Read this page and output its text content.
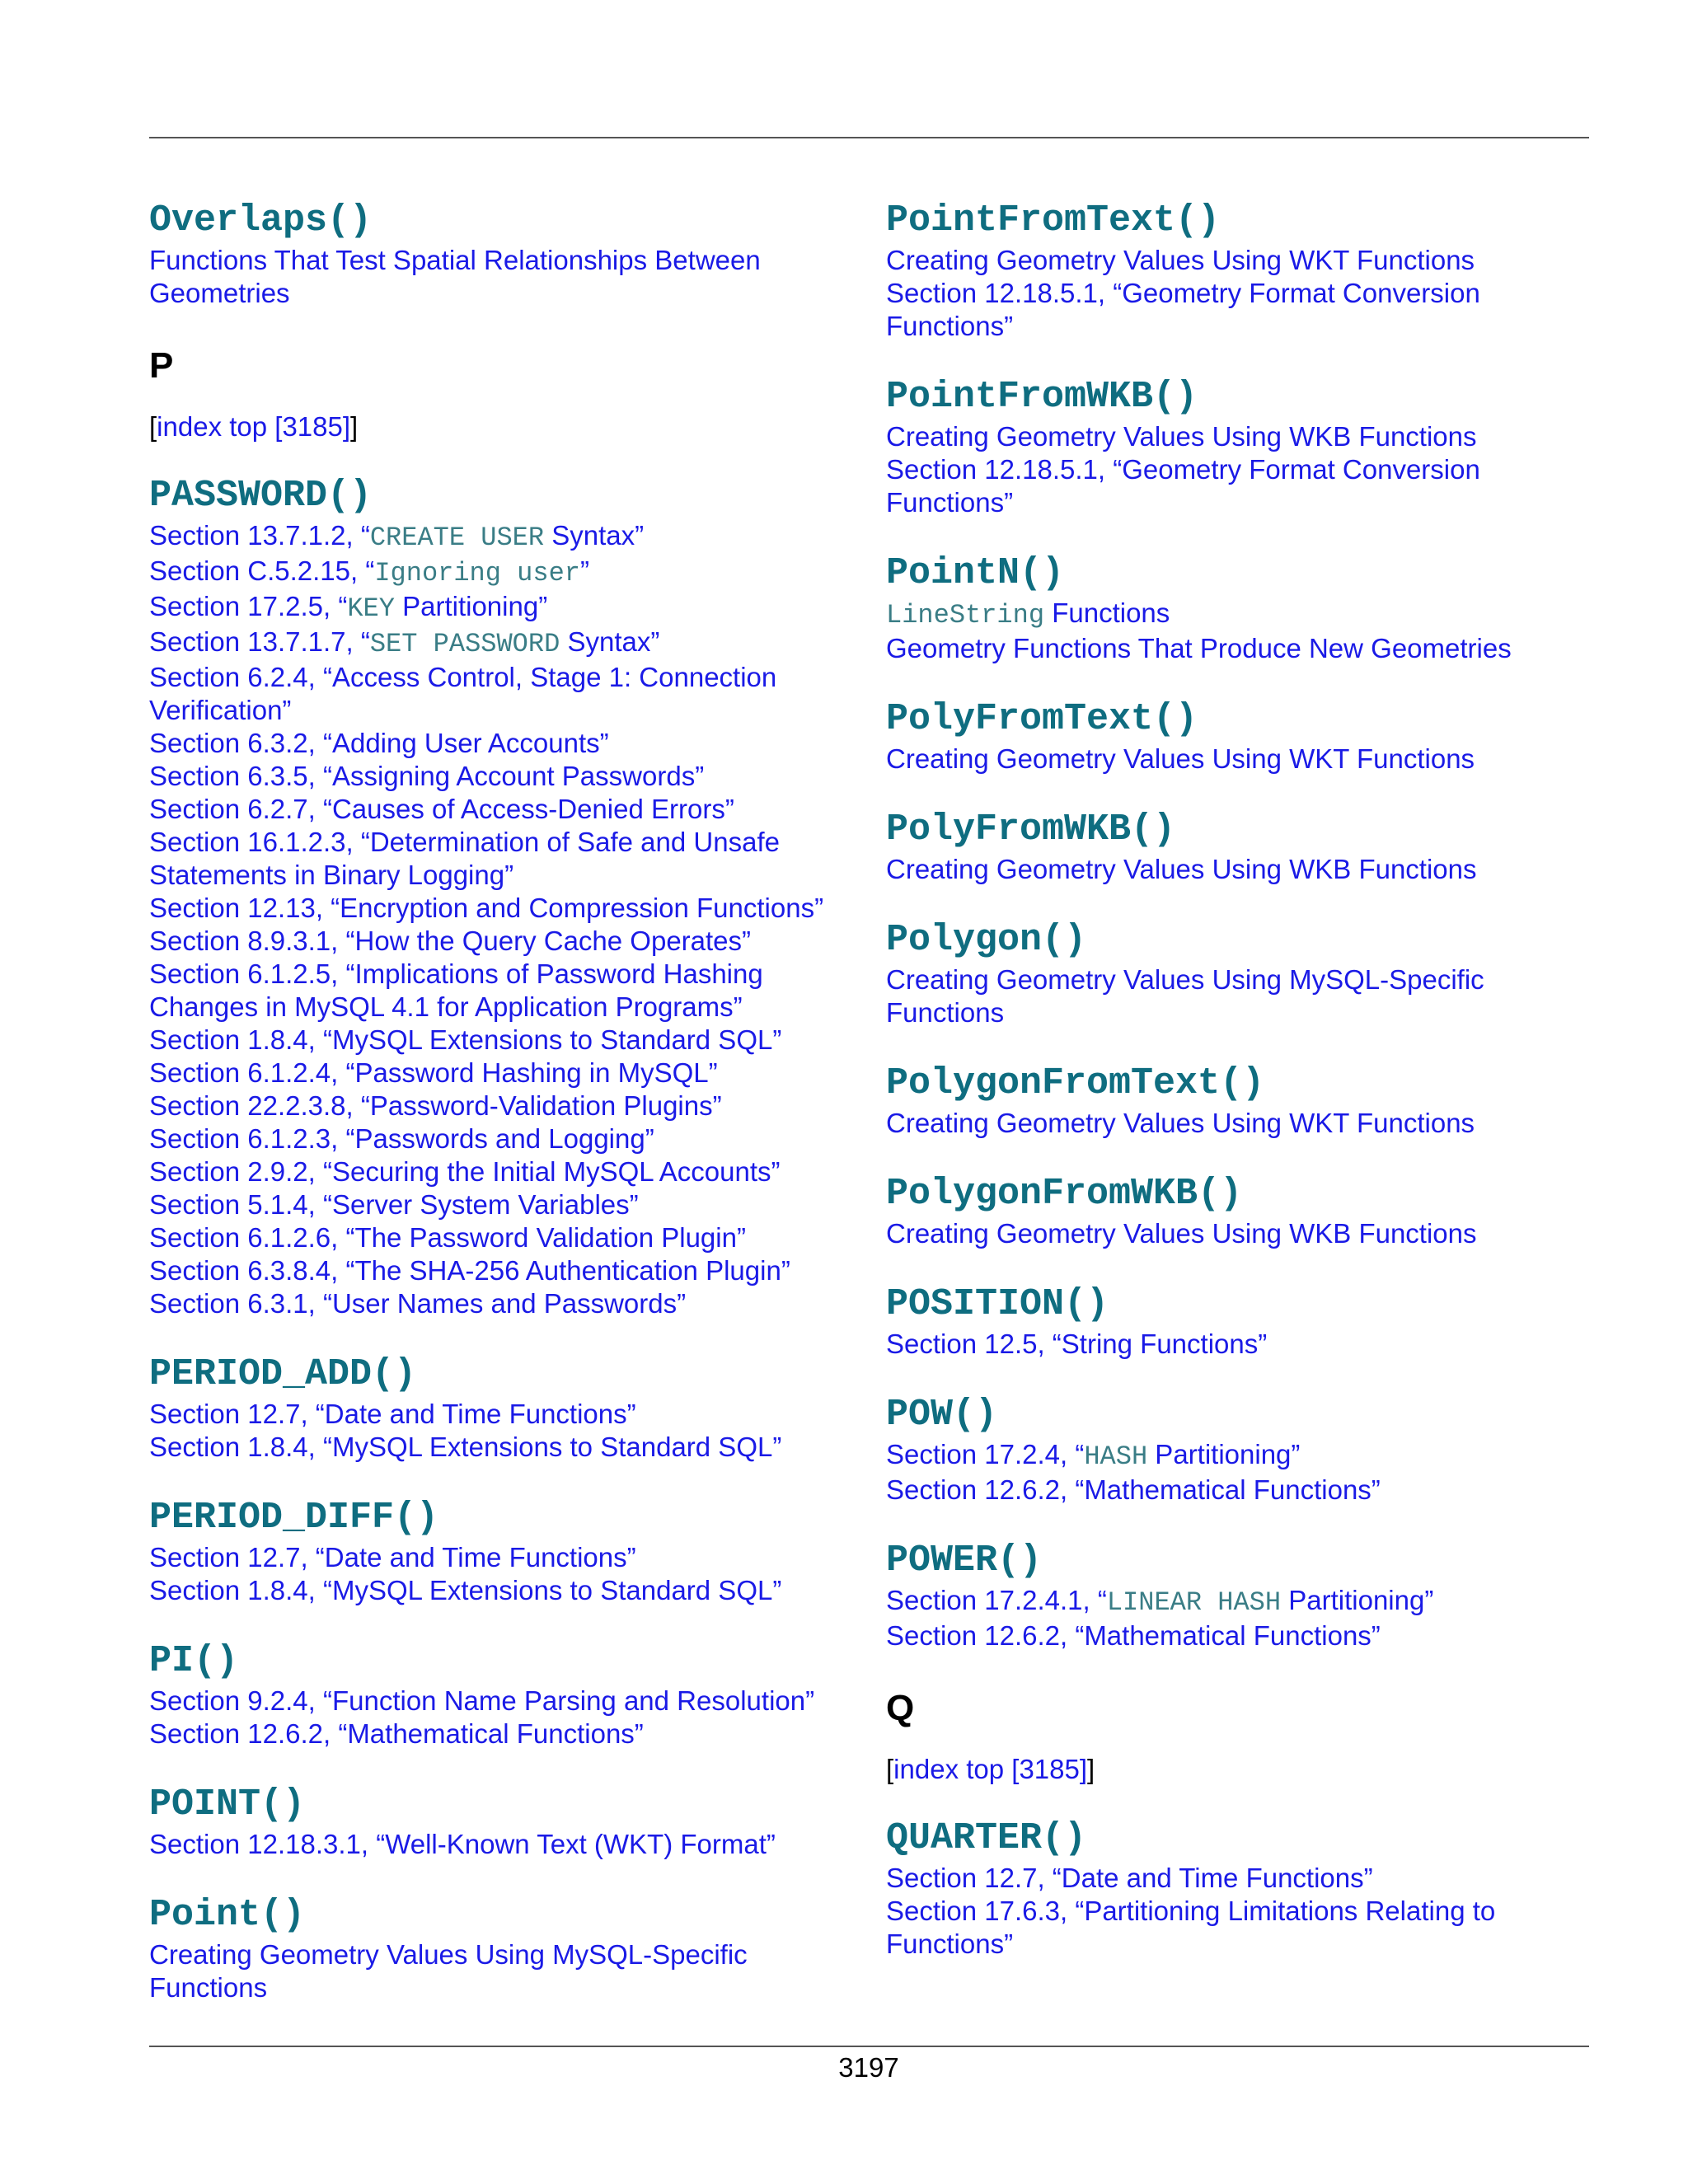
Overlaps()
Functions That Test Spatial Relationships Between
Geometries
P
[index top [3185]]
PASSWORD()
Section 13.7.1.2, “CREATE USER Syntax”
Section C.5.2.15, “Ignoring user”
Section 17.2.5, “KEY Partitioning”
Section 13.7.1.7, “SET PASSWORD Syntax”
Section 6.2.4, “Access Control, Stage 1: Connection
Verification”
Section 6.3.2, “Adding User Accounts”
Section 6.3.5, “Assigning Account Passwords”
Section 6.2.7, “Causes of Access-Denied Errors”
Section 16.1.2.3, “Determination of Safe and Unsafe
Statements in Binary Logging”
Section 12.13, “Encryption and Compression Functions”
Section 8.9.3.1, “How the Query Cache Operates”
Section 6.1.2.5, “Implications of Password Hashing
Changes in MySQL 4.1 for Application Programs”
Section 1.8.4, “MySQL Extensions to Standard SQL”
Section 6.1.2.4, “Password Hashing in MySQL”
Section 22.2.3.8, “Password-Validation Plugins”
Section 6.1.2.3, “Passwords and Logging”
Section 2.9.2, “Securing the Initial MySQL Accounts”
Section 5.1.4, “Server System Variables”
Section 6.1.2.6, “The Password Validation Plugin”
Section 6.3.8.4, “The SHA-256 Authentication Plugin”
Section 6.3.1, “User Names and Passwords”
PERIOD_ADD()
Section 12.7, “Date and Time Functions”
Section 1.8.4, “MySQL Extensions to Standard SQL”
PERIOD_DIFF()
Section 12.7, “Date and Time Functions”
Section 1.8.4, “MySQL Extensions to Standard SQL”
PI()
Section 9.2.4, “Function Name Parsing and Resolution”
Section 12.6.2, “Mathematical Functions”
POINT()
Section 12.18.3.1, “Well-Known Text (WKT) Format”
Point()
Creating Geometry Values Using MySQL-Specific
Functions
PointFromText()
Creating Geometry Values Using WKT Functions
Section 12.18.5.1, “Geometry Format Conversion
Functions”
PointFromWKB()
Creating Geometry Values Using WKB Functions
Section 12.18.5.1, “Geometry Format Conversion
Functions”
PointN()
LineString Functions
Geometry Functions That Produce New Geometries
PolyFromText()
Creating Geometry Values Using WKT Functions
PolyFromWKB()
Creating Geometry Values Using WKB Functions
Polygon()
Creating Geometry Values Using MySQL-Specific
Functions
PolygonFromText()
Creating Geometry Values Using WKT Functions
PolygonFromWKB()
Creating Geometry Values Using WKB Functions
POSITION()
Section 12.5, “String Functions”
POW()
Section 17.2.4, “HASH Partitioning”
Section 12.6.2, “Mathematical Functions”
POWER()
Section 17.2.4.1, “LINEAR HASH Partitioning”
Section 12.6.2, “Mathematical Functions”
Q
[index top [3185]]
QUARTER()
Section 12.7, “Date and Time Functions”
Section 17.6.3, “Partitioning Limitations Relating to
Functions”
3197
